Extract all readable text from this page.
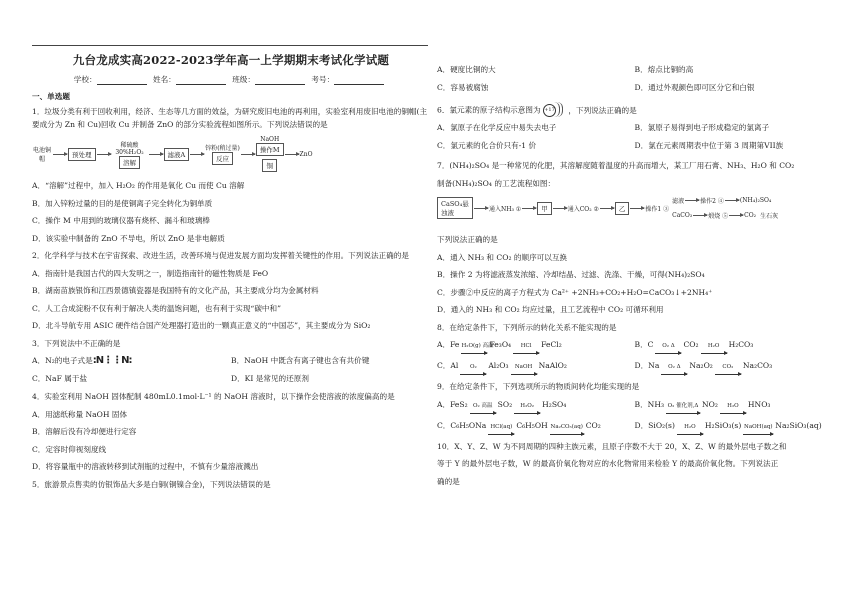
九台龙成实高2022-2023学年高一上学期期末考试化学试题
学校：	姓名：	班级：	考号：
一、单选题
1．垃圾分类有利于回收利用，经济、生态等几方面的效益，为研究废旧电池的再利用，实验室利用废旧电池的铜帽(主要成分为 Zn 和 Cu)回收 Cu 并制备 ZnO 的部分实验流程如图所示。下列说法错误的是
电池铜帽
预处理
稀硫酸 30%H₂O₂
溶解
滤液A
锌粉(稍过量)
反应
NaOH
操作M
铜
ZnO
A．“溶解”过程中，加入 H₂O₂ 的作用是氧化 Cu 而使 Cu 溶解
B．加入锌粉过量的目的是使铜离子完全转化为铜单质
C．操作 M 中用到的玻璃仪器有烧杯、漏斗和玻璃棒
D．该实验中制备的 ZnO 不导电，所以 ZnO 是非电解质
2．化学科学与技术在宇宙探索、改进生活，改善环境与促进发展方面均发挥着关键性的作用。下列说法正确的是
A．指南针是我国古代的四大发明之一，制造指南针的磁性物质是 FeO
B．湖南苗族银饰和江西景德镇瓷器是我国特有的文化产品，其主要成分均为金属材料
C．人工合成淀粉不仅有利于解决人类的温饱问题，也有利于实现“碳中和”
D．北斗导航专用 ASIC 硬件结合国产处理器打造出的一颗真正意义的“中国芯”，其主要成分为 SiO₂
3．下列说法中不正确的是
A．N₂的电子式是:N⋮⋮N:	B．NaOH 中既含有离子键也含有共价键
C．NaF 属于盐	D．KI 是常见的还原剂
4．实验室利用 NaOH 固体配制 480mL0.1mol·L⁻¹ 的 NaOH 溶液时，以下操作会使溶液的浓度偏高的是
A．用滤纸称量 NaOH 固体
B．溶解后没有冷却便进行定容
C．定容时仰视刻度线
D．将容量瓶中的溶液转移到试剂瓶的过程中，不慎有少量溶液溅出
5．旅游景点售卖的仿银饰品大多是白铜(铜镍合金)，下列说法错误的是
A．硬度比铜的大	B．熔点比铜的高
C．容易被腐蚀	D．通过外观颜色即可区分它和白银
6．氯元素的原子结构示意图为 +17 ，下列说法正确的是
A．氯原子在化学反应中易失去电子	B．氯原子易得到电子形成稳定的氯离子
C．氯元素的化合价只有-1 价	D．氯在元素周期表中位于第 3 周期第VII族
7．(NH₄)₂SO₄ 是一种常见的化肥，其溶解度随着温度的升高而增大，某工厂用石膏、NH₃、H₂O 和 CO₂
制备(NH₄)₂SO₄ 的工艺流程如图：
CaSO₄悬浊液	通入NH₃ ①	甲	通入CO₂ ②	乙	操作1 ③
滤液	操作2 ④	(NH₄)₂SO₄
CaCO₃	煅烧 ⑤	CO₂ 生石灰
下列说法正确的是
A．通入 NH₃ 和 CO₂ 的顺序可以互换
B．操作 2 为将滤液蒸发浓缩、冷却结晶、过滤、洗涤、干燥，可得(NH₄)₂SO₄
C．步骤②中反应的离子方程式为 Ca²⁺ +2NH₃+CO₂+H₂O=CaCO₃↓+2NH₄⁺
D．通入的 NH₃ 和 CO₂ 均应过量，且工艺流程中 CO₂ 可循环利用
8．在给定条件下，下列所示的转化关系不能实现的是
A．Fe H₂O(g) 高温
Fe₃O₄ HCl FeCl₂	B．C O₂ Δ CO₂ H₂O H₂CO₃
C．Al O₂ Al₂O₃ NaOH NaAlO₂	D．Na O₂ Δ Na₂O₂ CO₂ Na₂CO₃
9．在给定条件下，下列选项所示的物质间转化均能实现的是
A．FeS₂ O₂ 高温 SO₂ H₂O₂ H₂SO₄	B．NH₃ O₂ 催化剂,Δ NO₂ H₂O HNO₃
C．C₆H₅ONa HCl(aq) C₆H₅OH Na₂CO₃(aq) CO₂	D．SiO₂(s) H₂O H₂SiO₃(s) NaOH(aq) Na₂SiO₃(aq)
10．X、Y、Z、W 为不同周期的四种主族元素，且原子序数不大于 20，X、Z、W 的最外层电子数之和
等于 Y 的最外层电子数，W 的最高价氧化物对应的水化物常用来检验 Y 的最高价氧化物。下列说法正
确的是
